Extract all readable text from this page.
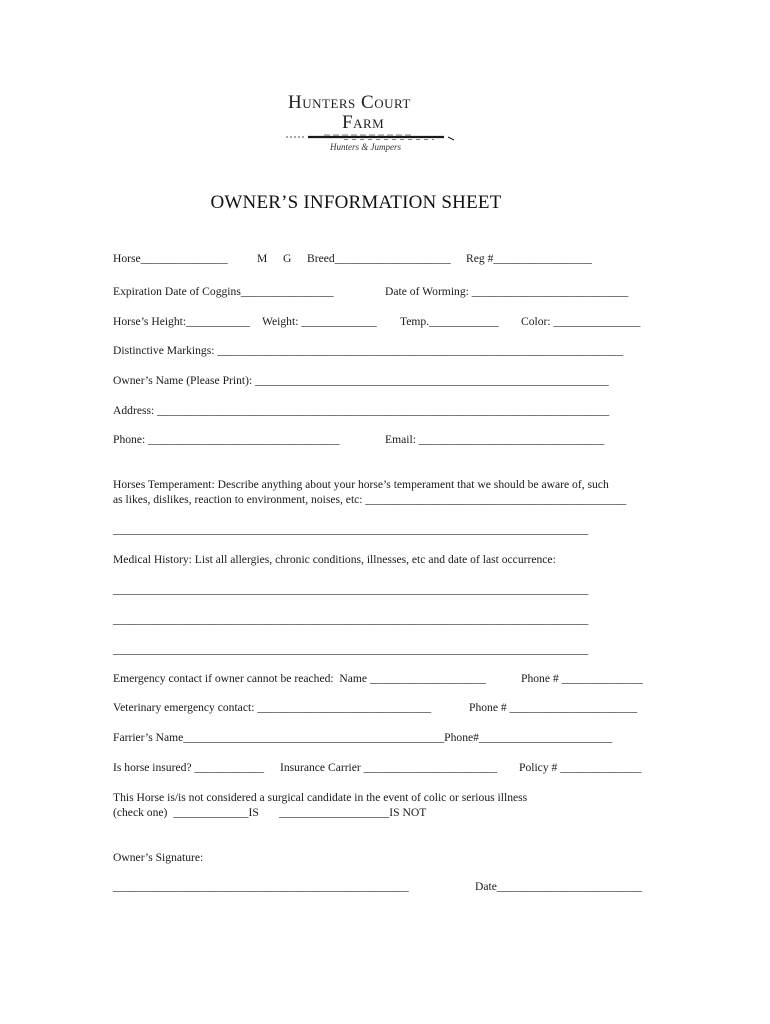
Hunters Court
Farm
Hunters & Jumpers
OWNER’S INFORMATION SHEET
Horse_______________	M G Breed____________________ Reg #_________________
Expiration Date of Coggins________________	Date of Worming: ___________________________
Horse’s Height:___________ Weight: _____________ Temp.____________ Color: _______________
Distinctive Markings: ______________________________________________________________________
Owner’s Name (Please Print): _____________________________________________________________
Address: ______________________________________________________________________________
Phone: _________________________________	Email: ________________________________
Horses Temperament: Describe anything about your horse’s temperament that we should be aware of, such
as likes, dislikes, reaction to environment, noises, etc: _____________________________________________
__________________________________________________________________________________
Medical History: List all allergies, chronic conditions, illnesses, etc and date of last occurrence:
__________________________________________________________________________________
__________________________________________________________________________________
__________________________________________________________________________________
Emergency contact if owner cannot be reached:  Name ____________________	Phone # ______________
Veterinary emergency contact: ______________________________	Phone # ______________________
Farrier’s Name_____________________________________________Phone#_______________________
Is horse insured? ____________ Insurance Carrier _______________________ Policy # ______________
This Horse is/is not considered a surgical candidate in the event of colic or serious illness
(check one)  _____________IS       ___________________IS NOT
Owner’s Signature:
___________________________________________________	Date_________________________
